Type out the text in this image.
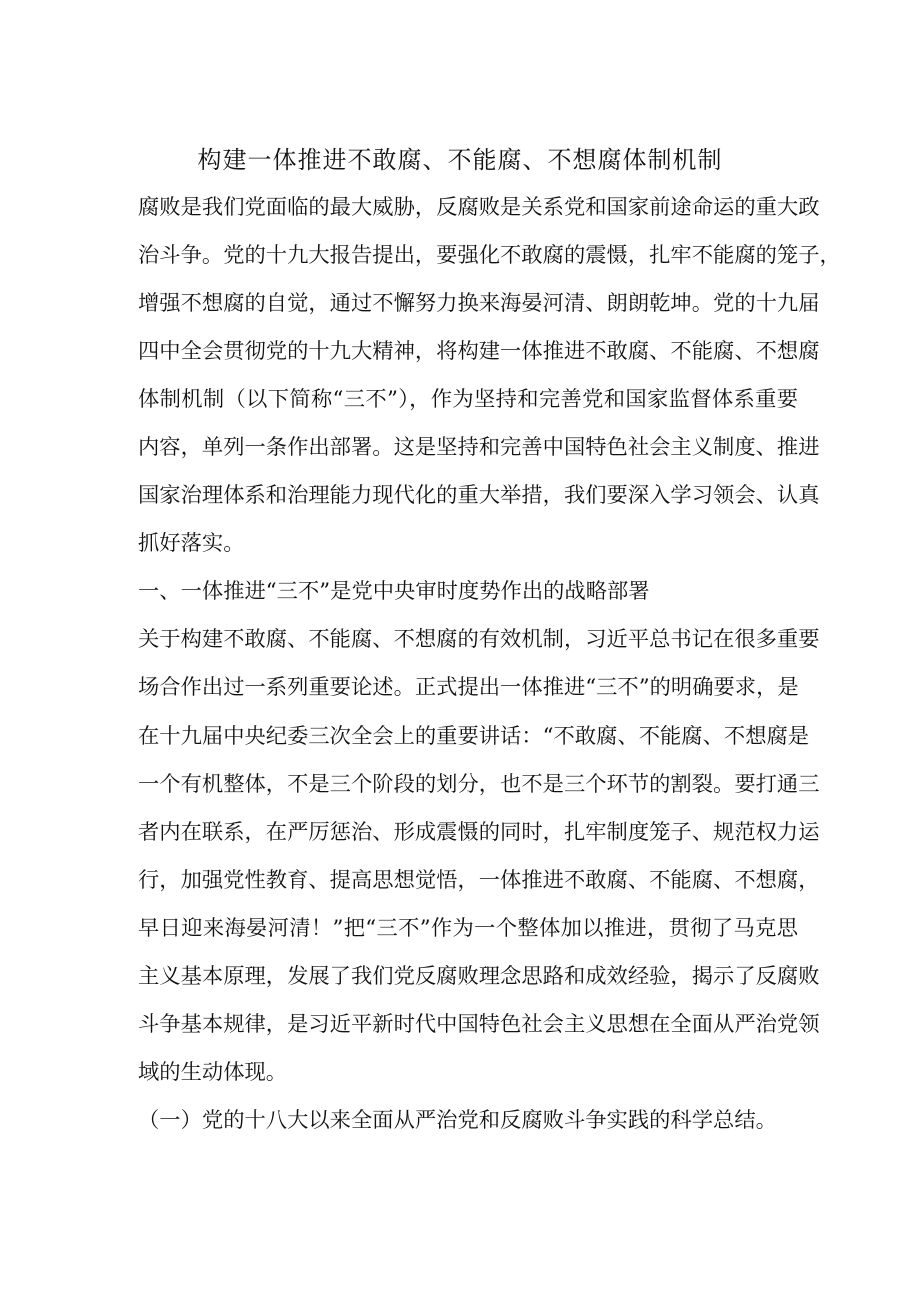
构建一体推进不敢腐、不能腐、不想腐体制机制
腐败是我们党面临的最大威胁，反腐败是关系党和国家前途命运的重大政
治斗争。党的十九大报告提出，要强化不敢腐的震慑，扎牢不能腐的笼子，
增强不想腐的自觉，通过不懈努力换来海晏河清、朗朗乾坤。党的十九届
四中全会贯彻党的十九大精神，将构建一体推进不敢腐、不能腐、不想腐
体制机制（以下简称“三不”），作为坚持和完善党和国家监督体系重要
内容，单列一条作出部署。这是坚持和完善中国特色社会主义制度、推进
国家治理体系和治理能力现代化的重大举措，我们要深入学习领会、认真
抓好落实。
一、一体推进“三不”是党中央审时度势作出的战略部署
关于构建不敢腐、不能腐、不想腐的有效机制，习近平总书记在很多重要
场合作出过一系列重要论述。正式提出一体推进“三不”的明确要求，是
在十九届中央纪委三次全会上的重要讲话：“不敢腐、不能腐、不想腐是
一个有机整体，不是三个阶段的划分，也不是三个环节的割裂。要打通三
者内在联系，在严厉惩治、形成震慑的同时，扎牢制度笼子、规范权力运
行，加强党性教育、提高思想觉悟，一体推进不敢腐、不能腐、不想腐，
早日迎来海晏河清！”把“三不”作为一个整体加以推进，贯彻了马克思
主义基本原理，发展了我们党反腐败理念思路和成效经验，揭示了反腐败
斗争基本规律，是习近平新时代中国特色社会主义思想在全面从严治党领
域的生动体现。
（一）党的十八大以来全面从严治党和反腐败斗争实践的科学总结。
